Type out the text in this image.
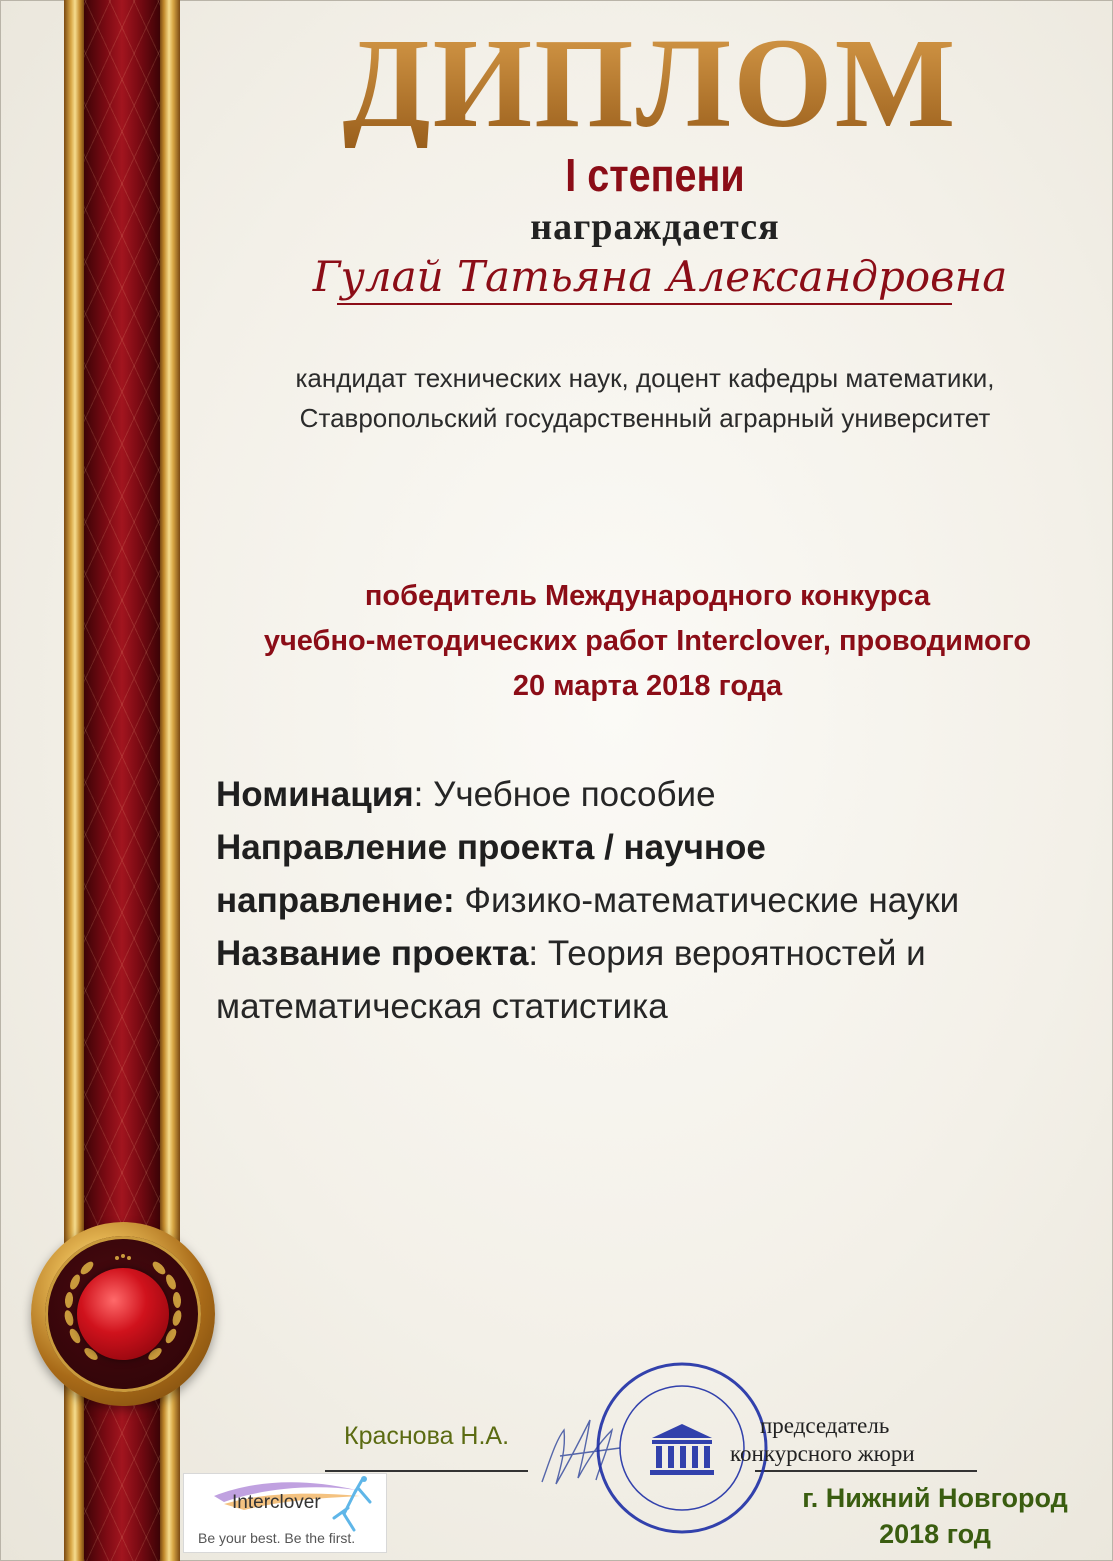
ДИПЛОМ
I степени
награждается
Гулай Татьяна Александровна
кандидат технических наук, доцент кафедры математики,
Ставропольский государственный аграрный университет
победитель Международного конкурса
учебно-методических работ Interclover, проводимого
20 марта 2018 года
Номинация: Учебное пособие
Направление проекта / научное
направление: Физико-математические науки
Название проекта: Теория вероятностей и
математическая статистика
Краснова Н.А.	председатель
конкурсного жюри
г. Нижний Новгород
2018 год
Interclover
Be your best. Be the first.
